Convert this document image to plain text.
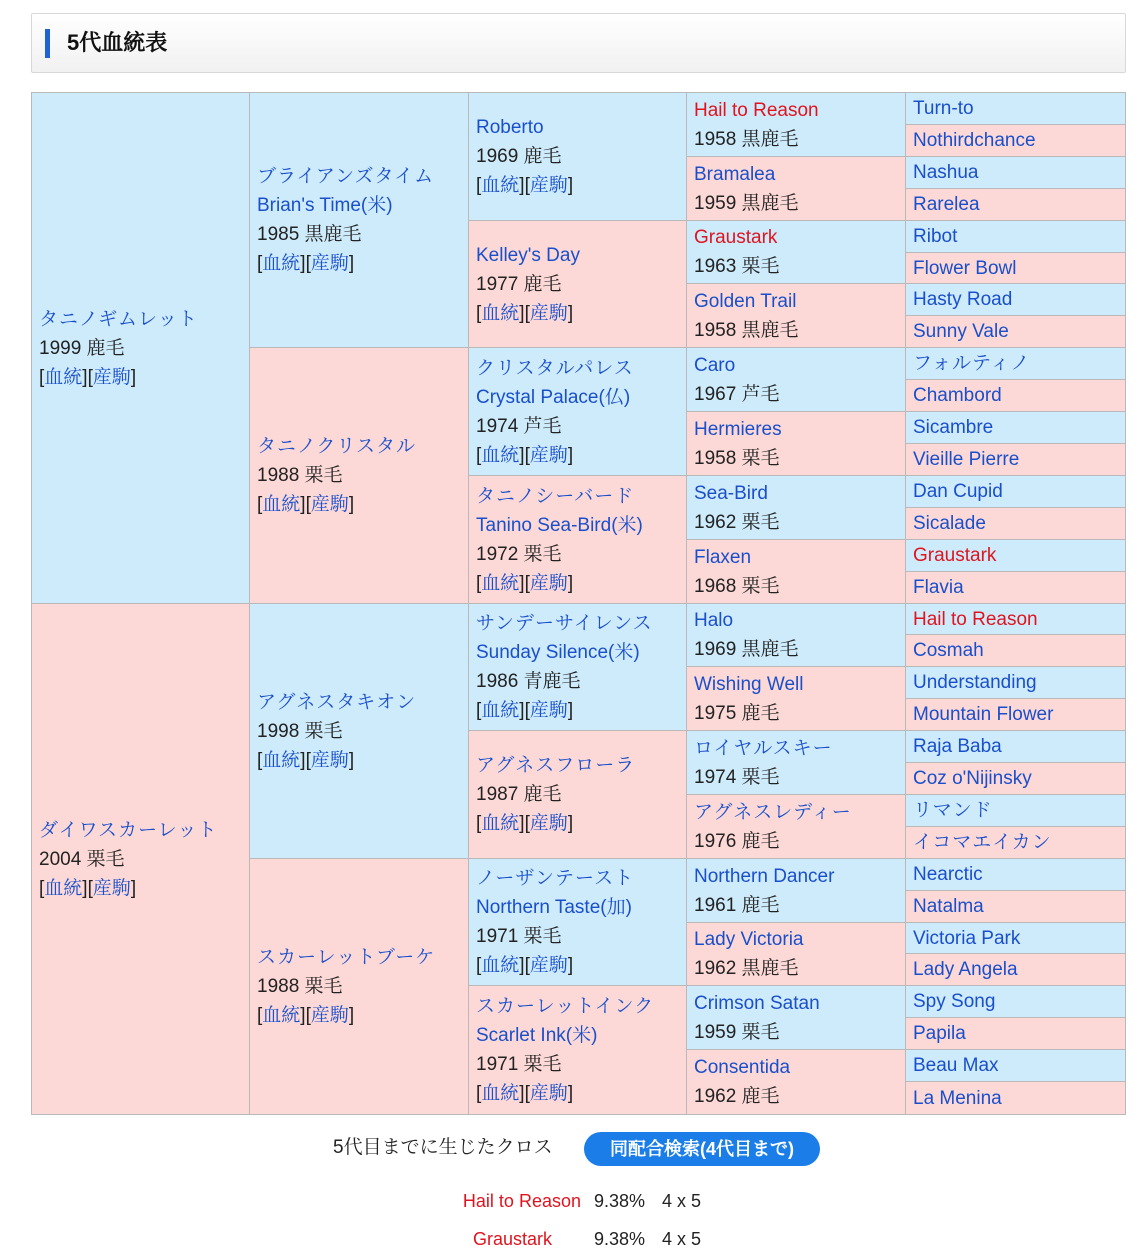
5代血統表
タニノギムレット
1999 鹿毛
[血統][産駒]
ダイワスカーレット
2004 栗毛
[血統][産駒]
ブライアンズタイム
Brian's Time(米)
1985 黒鹿毛
[血統][産駒]
タニノクリスタル
1988 栗毛
[血統][産駒]
アグネスタキオン
1998 栗毛
[血統][産駒]
スカーレットブーケ
1988 栗毛
[血統][産駒]
Roberto
1969 鹿毛
[血統][産駒]
Kelley's Day
1977 鹿毛
[血統][産駒]
クリスタルパレス
Crystal Palace(仏)
1974 芦毛
[血統][産駒]
タニノシーバード
Tanino Sea-Bird(米)
1972 栗毛
[血統][産駒]
サンデーサイレンス
Sunday Silence(米)
1986 青鹿毛
[血統][産駒]
アグネスフローラ
1987 鹿毛
[血統][産駒]
ノーザンテースト
Northern Taste(加)
1971 栗毛
[血統][産駒]
スカーレットインク
Scarlet Ink(米)
1971 栗毛
[血統][産駒]
Hail to Reason
1958 黒鹿毛
Bramalea
1959 黒鹿毛
Graustark
1963 栗毛
Golden Trail
1958 黒鹿毛
Caro
1967 芦毛
Hermieres
1958 栗毛
Sea-Bird
1962 栗毛
Flaxen
1968 栗毛
Halo
1969 黒鹿毛
Wishing Well
1975 鹿毛
ロイヤルスキー
1974 栗毛
アグネスレディー
1976 鹿毛
Northern Dancer
1961 鹿毛
Lady Victoria
1962 黒鹿毛
Crimson Satan
1959 栗毛
Consentida
1962 鹿毛
Turn-to
Nothirdchance
Nashua
Rarelea
Ribot
Flower Bowl
Hasty Road
Sunny Vale
フォルティノ
Chambord
Sicambre
Vieille Pierre
Dan Cupid
Sicalade
Graustark
Flavia
Hail to Reason
Cosmah
Understanding
Mountain Flower
Raja Baba
Coz o'Nijinsky
リマンド
イコマエイカン
Nearctic
Natalma
Victoria Park
Lady Angela
Spy Song
Papila
Beau Max
La Menina
5代目までに生じたクロス	同配合検索(4代目まで)
Hail to Reason 9.38% 4 x 5
Graustark 9.38% 4 x 5
